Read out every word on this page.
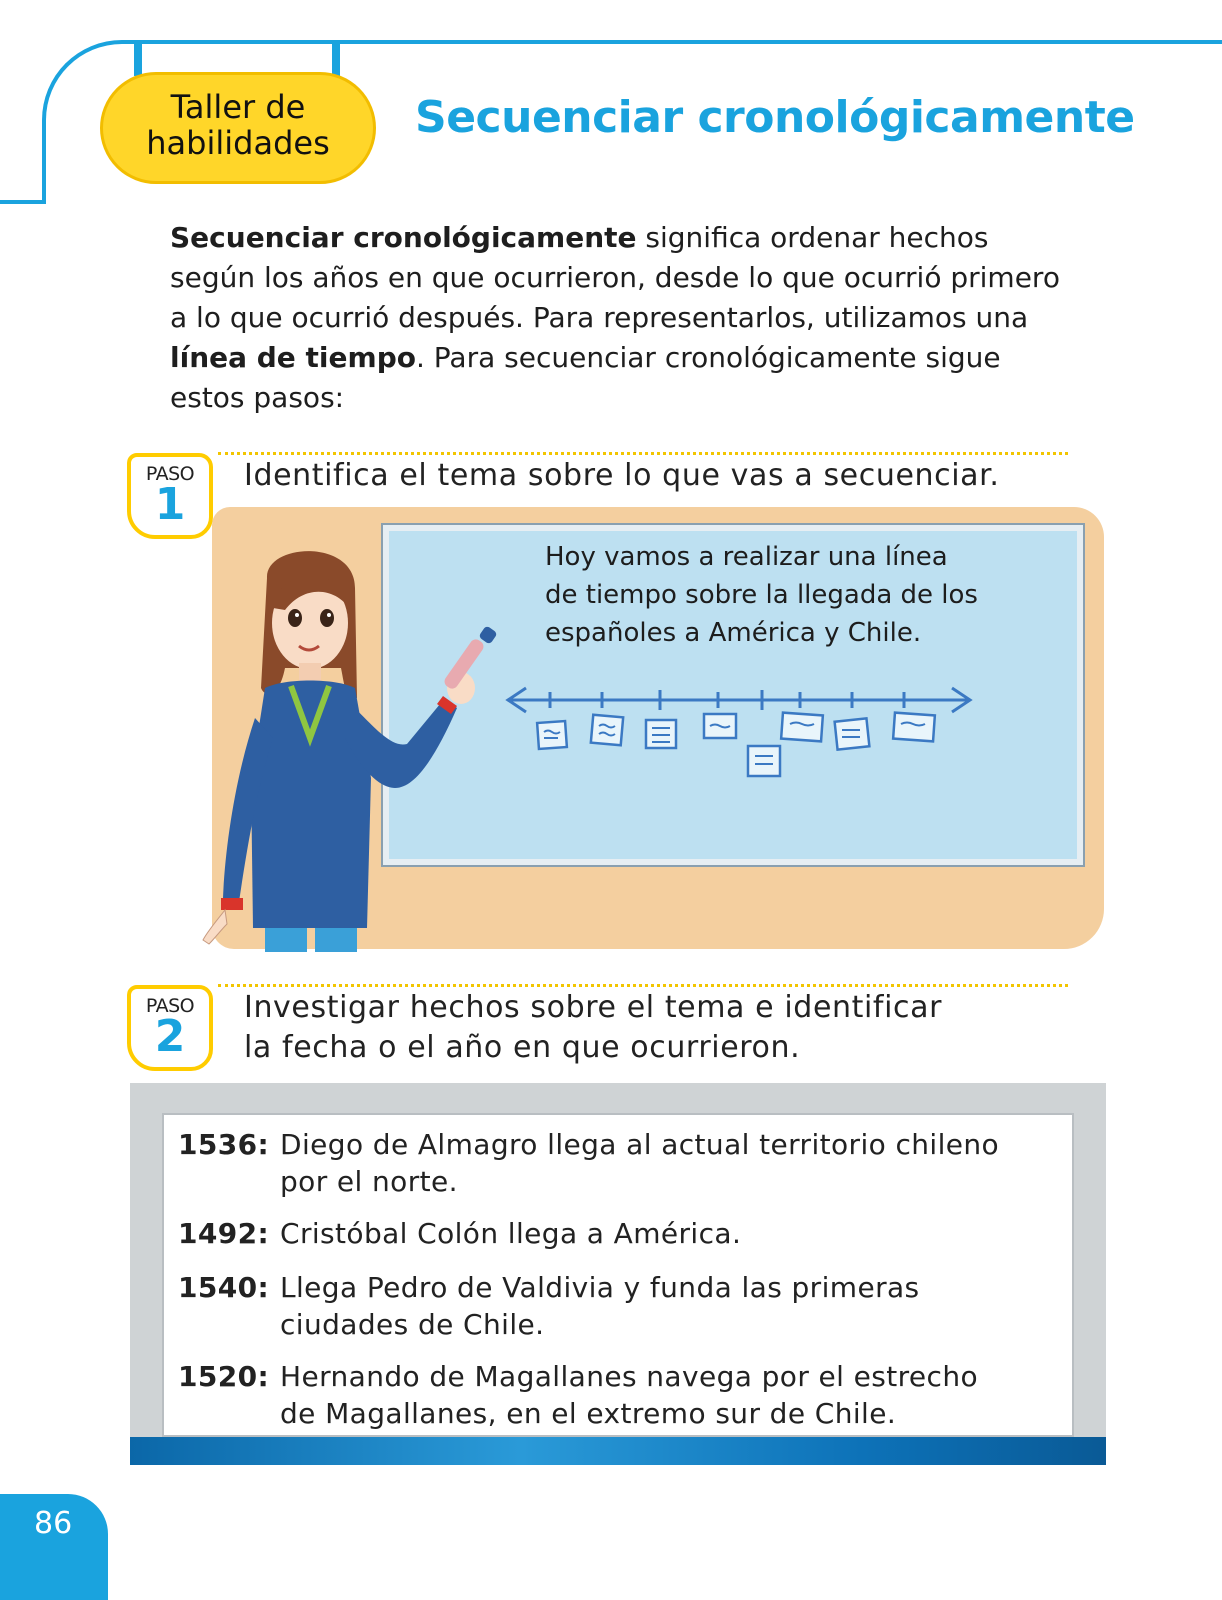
Taller de
habilidades	Secuenciar cronológicamente

Secuenciar cronológicamente significa ordenar hechos según los años en que ocurrieron, desde lo que ocurrió primero a lo que ocurrió después. Para representarlos, utilizamos una línea de tiempo. Para secuenciar cronológicamente sigue estos pasos:

PASO
1
Identifica el tema sobre lo que vas a secuenciar.
Hoy vamos a realizar una línea
de tiempo sobre la llegada de los
españoles a América y Chile.
PASO
2
Investigar hechos sobre el tema e identificar
la fecha o el año en que ocurrieron.
1536: Diego de Almagro llega al actual territorio chileno
por el norte.
1492: Cristóbal Colón llega a América.
1540: Llega Pedro de Valdivia y funda las primeras
ciudades de Chile.
1520: Hernando de Magallanes navega por el estrecho
de Magallanes, en el extremo sur de Chile.
86
